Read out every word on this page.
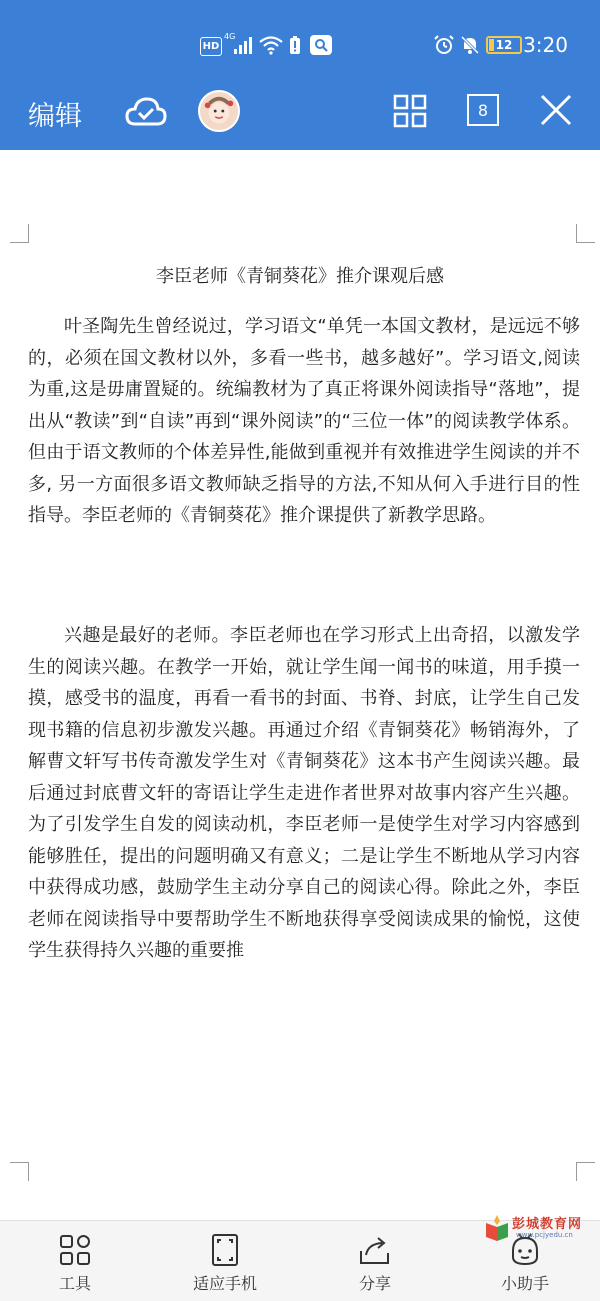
HD
4G
12 3:20
编辑	8
李臣老师《青铜葵花》推介课观后感
叶圣陶先生曾经说过，学习语文“单凭一本国文教材，是远远不够的，必须在国文教材以外，多看一些书，越多越好”。学习语文,阅读为重,这是毋庸置疑的。统编教材为了真正将课外阅读指导“落地”，提出从“教读”到“自读”再到“课外阅读”的“三位一体”的阅读教学体系。但由于语文教师的个体差异性,能做到重视并有效推进学生阅读的并不多, 另一方面很多语文教师缺乏指导的方法,不知从何入手进行目的性指导。李臣老师的《青铜葵花》推介课提供了新教学思路。
兴趣是最好的老师。李臣老师也在学习形式上出奇招，以激发学生的阅读兴趣。在教学一开始，就让学生闻一闻书的味道，用手摸一摸，感受书的温度，再看一看书的封面、书脊、封底，让学生自己发现书籍的信息初步激发兴趣。再通过介绍《青铜葵花》畅销海外，了解曹文轩写书传奇激发学生对《青铜葵花》这本书产生阅读兴趣。最后通过封底曹文轩的寄语让学生走进作者世界对故事内容产生兴趣。为了引发学生自发的阅读动机，李臣老师一是使学生对学习内容感到能够胜任，提出的问题明确又有意义；二是让学生不断地从学习内容中获得成功感，鼓励学生主动分享自己的阅读心得。除此之外，李臣老师在阅读指导中要帮助学生不断地获得享受阅读成果的愉悦，这使学生获得持久兴趣的重要推
工具	适应手机	分享	小助手
彭城教育网
www.pcjyedu.cn
